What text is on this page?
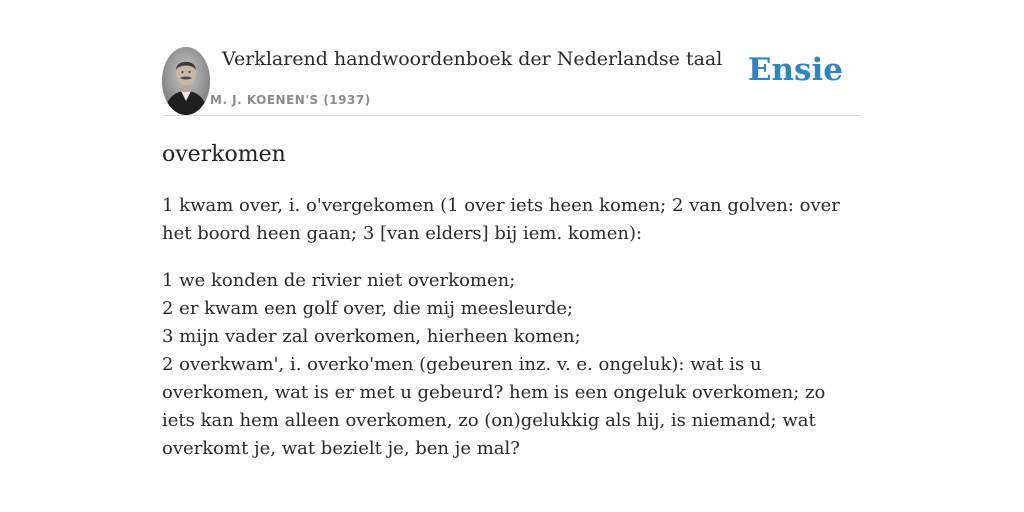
Verklarend handwoordenboek der Nederlandse taal
M. J. KOENEN'S (1937)
Ensie
overkomen

1 kwam over, i. o'vergekomen (1 over iets heen komen; 2 van golven: over het boord heen gaan; 3 [van elders] bij iem. komen):

1 we konden de rivier niet overkomen;
2 er kwam een golf over, die mij meesleurde;
3 mijn vader zal overkomen, hierheen komen;
2 overkwam', i. overko'men (gebeuren inz. v. e. ongeluk): wat is u overkomen, wat is er met u gebeurd? hem is een ongeluk overkomen; zo iets kan hem alleen overkomen, zo (on)gelukkig als hij, is niemand; wat overkomt je, wat bezielt je, ben je mal?
